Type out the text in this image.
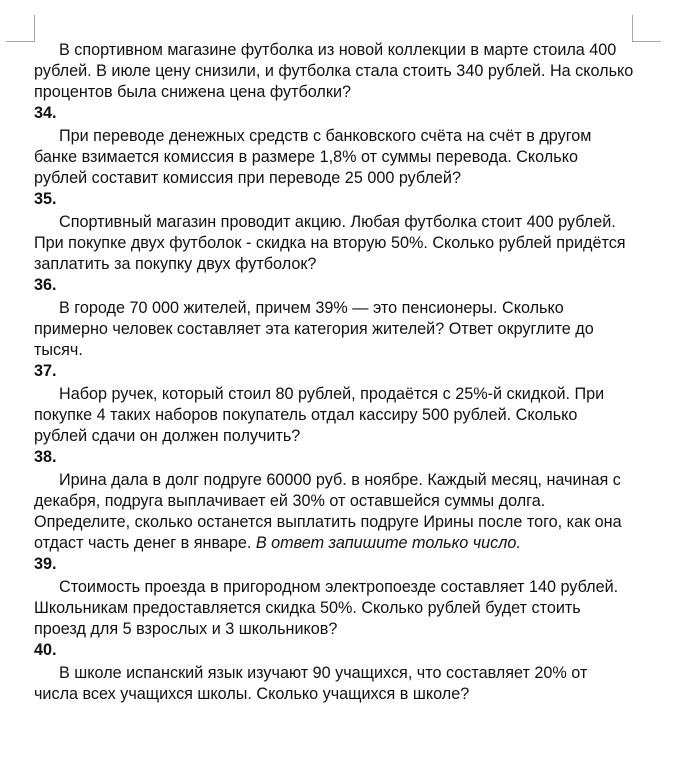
В спортивном магазине футболка из новой коллекции в марте стоила 400 рублей. В июле цену снизили, и футболка стала стоить 340 рублей. На сколько процентов была снижена цена футболки?

34.

При переводе денежных средств с банковского счёта на счёт в другом банке взимается комиссия в размере 1,8% от суммы перевода. Сколько рублей составит комиссия при переводе 25 000 рублей?

35.

Спортивный магазин проводит акцию. Любая футболка стоит 400 рублей. При покупке двух футболок - скидка на вторую 50%. Сколько рублей придётся заплатить за покупку двух футболок?

36.

В городе 70 000 жителей, причем 39% — это пенсионеры. Сколько примерно человек составляет эта категория жителей? Ответ округлите до тысяч.

37.

Набор ручек, который стоил 80 рублей, продаётся с 25%-й скидкой. При покупке 4 таких наборов покупатель отдал кассиру 500 рублей. Сколько рублей сдачи он должен получить?

38.

Ирина дала в долг подруге 60000 руб. в ноябре. Каждый месяц, начиная с декабря, подруга выплачивает ей 30% от оставшейся суммы долга. Определите, сколько останется выплатить подруге Ирины после того, как она отдаст часть денег в январе. В ответ запишите только число.

39.

Стоимость проезда в пригородном электропоезде составляет 140 рублей. Школьникам предоставляется скидка 50%. Сколько рублей будет стоить проезд для 5 взрослых и 3 школьников?

40.

В школе испанский язык изучают 90 учащихся, что составляет 20% от числа всех учащихся школы. Сколько учащихся в школе?
